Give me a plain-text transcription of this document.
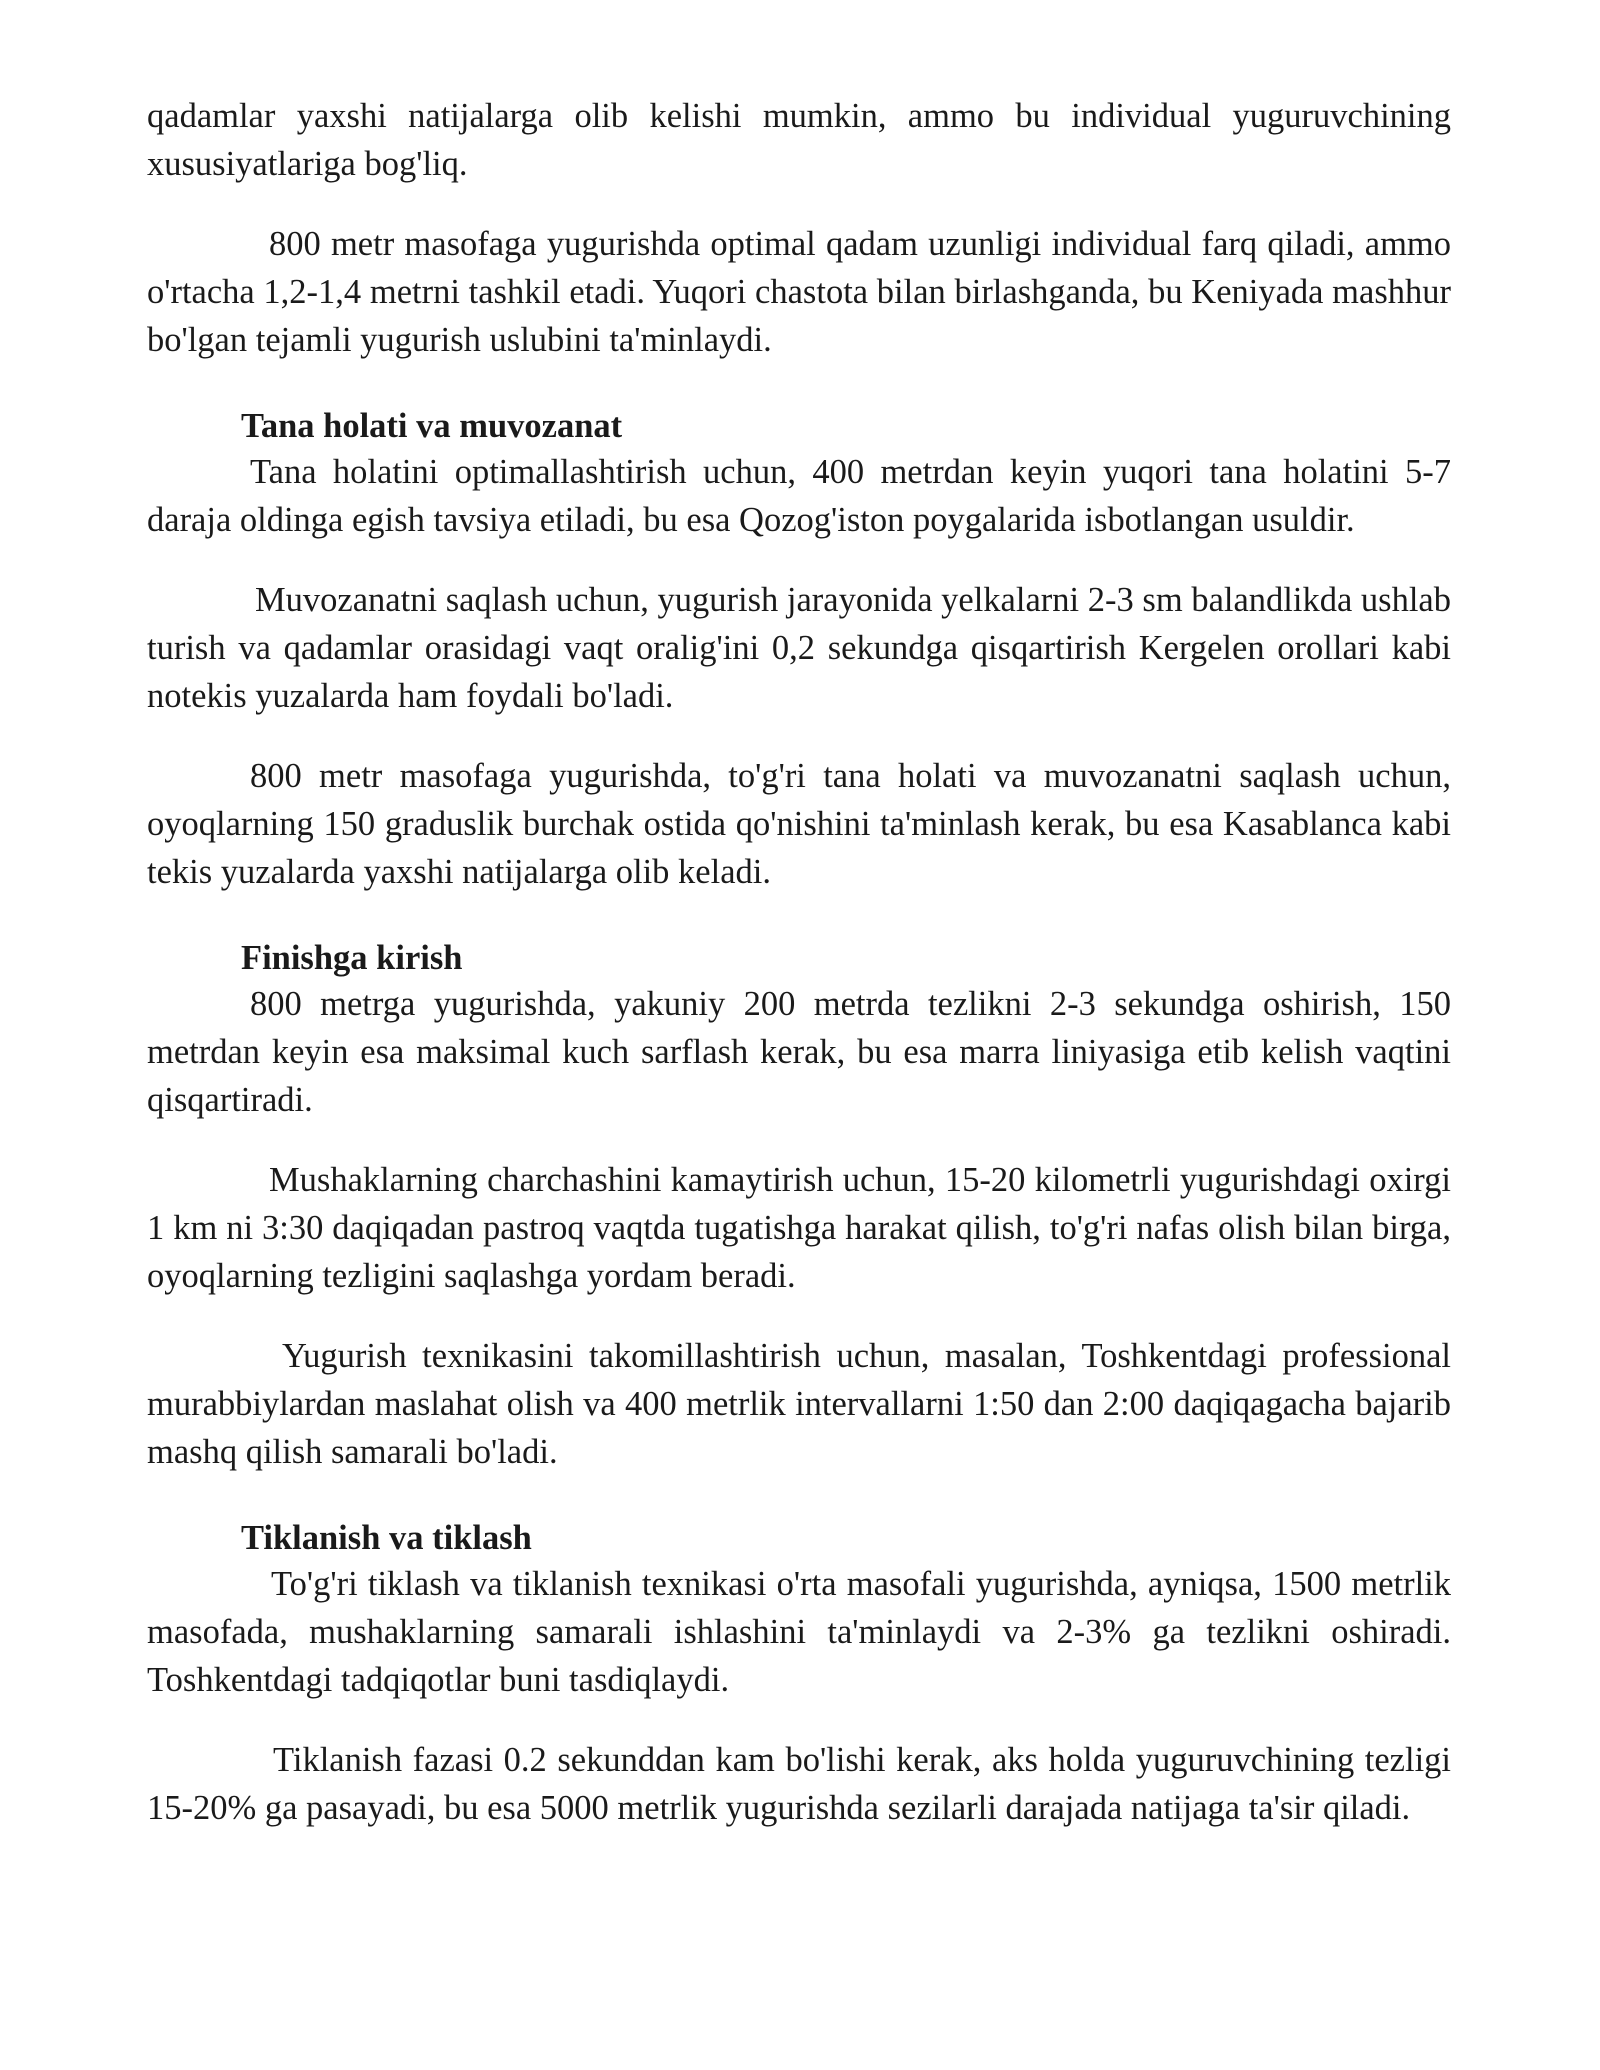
qadamlar yaxshi natijalarga olib kelishi mumkin, ammo bu individual yuguruvchining xususiyatlariga bog'liq.

800 metr masofaga yugurishda optimal qadam uzunligi individual farq qiladi, ammo o'rtacha 1,2-1,4 metrni tashkil etadi. Yuqori chastota bilan birlashganda, bu Keniyada mashhur bo'lgan tejamli yugurish uslubini ta'minlaydi.

Tana holati va muvozanat

Tana holatini optimallashtirish uchun, 400 metrdan keyin yuqori tana holatini 5-7 daraja oldinga egish tavsiya etiladi, bu esa Qozog'iston poygalarida isbotlangan usuldir.

Muvozanatni saqlash uchun, yugurish jarayonida yelkalarni 2-3 sm balandlikda ushlab turish va qadamlar orasidagi vaqt oralig'ini 0,2 sekundga qisqartirish Kergelen orollari kabi notekis yuzalarda ham foydali bo'ladi.

800 metr masofaga yugurishda, to'g'ri tana holati va muvozanatni saqlash uchun, oyoqlarning 150 graduslik burchak ostida qo'nishini ta'minlash kerak, bu esa Kasablanca kabi tekis yuzalarda yaxshi natijalarga olib keladi.

Finishga kirish

800 metrga yugurishda, yakuniy 200 metrda tezlikni 2-3 sekundga oshirish, 150 metrdan keyin esa maksimal kuch sarflash kerak, bu esa marra liniyasiga etib kelish vaqtini qisqartiradi.

Mushaklarning charchashini kamaytirish uchun, 15-20 kilometrli yugurishdagi oxirgi 1 km ni 3:30 daqiqadan pastroq vaqtda tugatishga harakat qilish, to'g'ri nafas olish bilan birga, oyoqlarning tezligini saqlashga yordam beradi.

Yugurish texnikasini takomillashtirish uchun, masalan, Toshkentdagi professional murabbiylardan maslahat olish va 400 metrlik intervallarni 1:50 dan 2:00 daqiqagacha bajarib mashq qilish samarali bo'ladi.

Tiklanish va tiklash

To'g'ri tiklash va tiklanish texnikasi o'rta masofali yugurishda, ayniqsa, 1500 metrlik masofada, mushaklarning samarali ishlashini ta'minlaydi va 2-3% ga tezlikni oshiradi. Toshkentdagi tadqiqotlar buni tasdiqlaydi.

Tiklanish fazasi 0.2 sekunddan kam bo'lishi kerak, aks holda yuguruvchining tezligi 15-20% ga pasayadi, bu esa 5000 metrlik yugurishda sezilarli darajada natijaga ta'sir qiladi.
